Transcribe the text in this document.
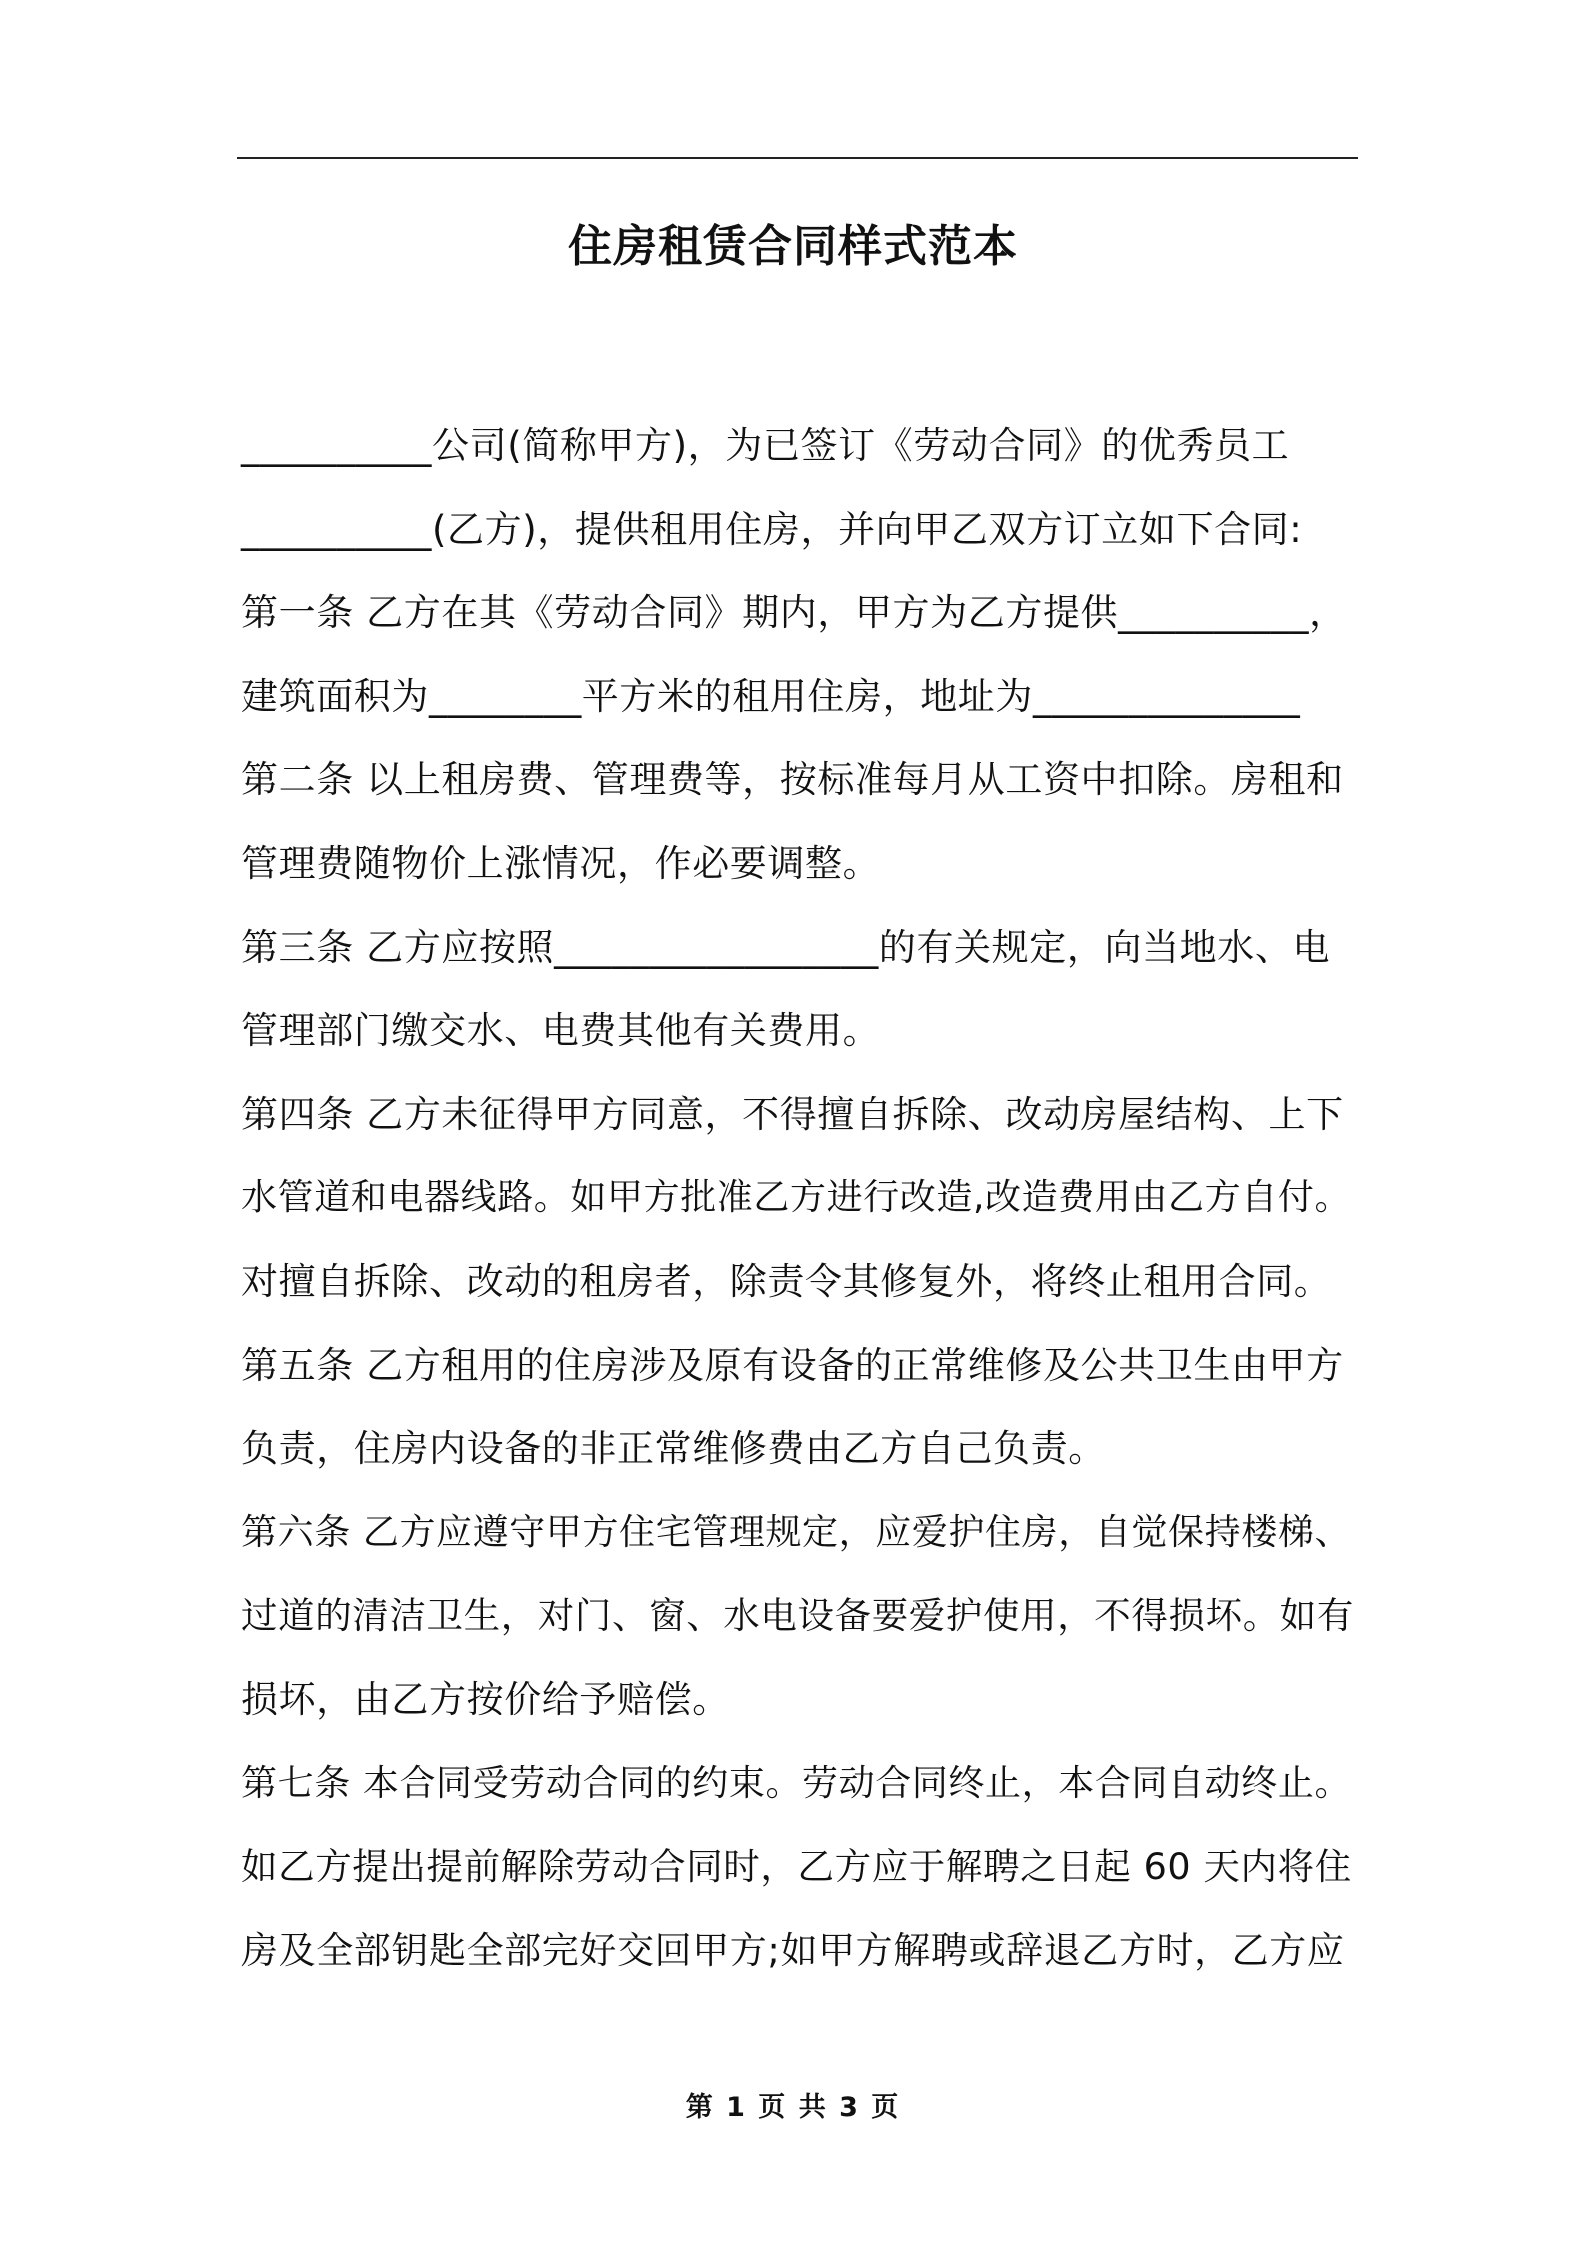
住房租赁合同样式范本
__________公司(简称甲方)，为已签订《劳动合同》的优秀员工
__________(乙方)，提供租用住房，并向甲乙双方订立如下合同:
第一条 乙方在其《劳动合同》期内，甲方为乙方提供__________，
建筑面积为________平方米的租用住房，地址为______________
第二条 以上租房费、管理费等，按标准每月从工资中扣除。房租和
管理费随物价上涨情况，作必要调整。
第三条 乙方应按照_________________的有关规定，向当地水、电
管理部门缴交水、电费其他有关费用。
第四条 乙方未征得甲方同意，不得擅自拆除、改动房屋结构、上下
水管道和电器线路。如甲方批准乙方进行改造,改造费用由乙方自付。
对擅自拆除、改动的租房者，除责令其修复外，将终止租用合同。
第五条 乙方租用的住房涉及原有设备的正常维修及公共卫生由甲方
负责，住房内设备的非正常维修费由乙方自己负责。
第六条 乙方应遵守甲方住宅管理规定，应爱护住房，自觉保持楼梯、
过道的清洁卫生，对门、窗、水电设备要爱护使用，不得损坏。如有
损坏，由乙方按价给予赔偿。
第七条 本合同受劳动合同的约束。劳动合同终止，本合同自动终止。
如乙方提出提前解除劳动合同时，乙方应于解聘之日起 60 天内将住
房及全部钥匙全部完好交回甲方;如甲方解聘或辞退乙方时，乙方应
第 1 页 共 3 页
